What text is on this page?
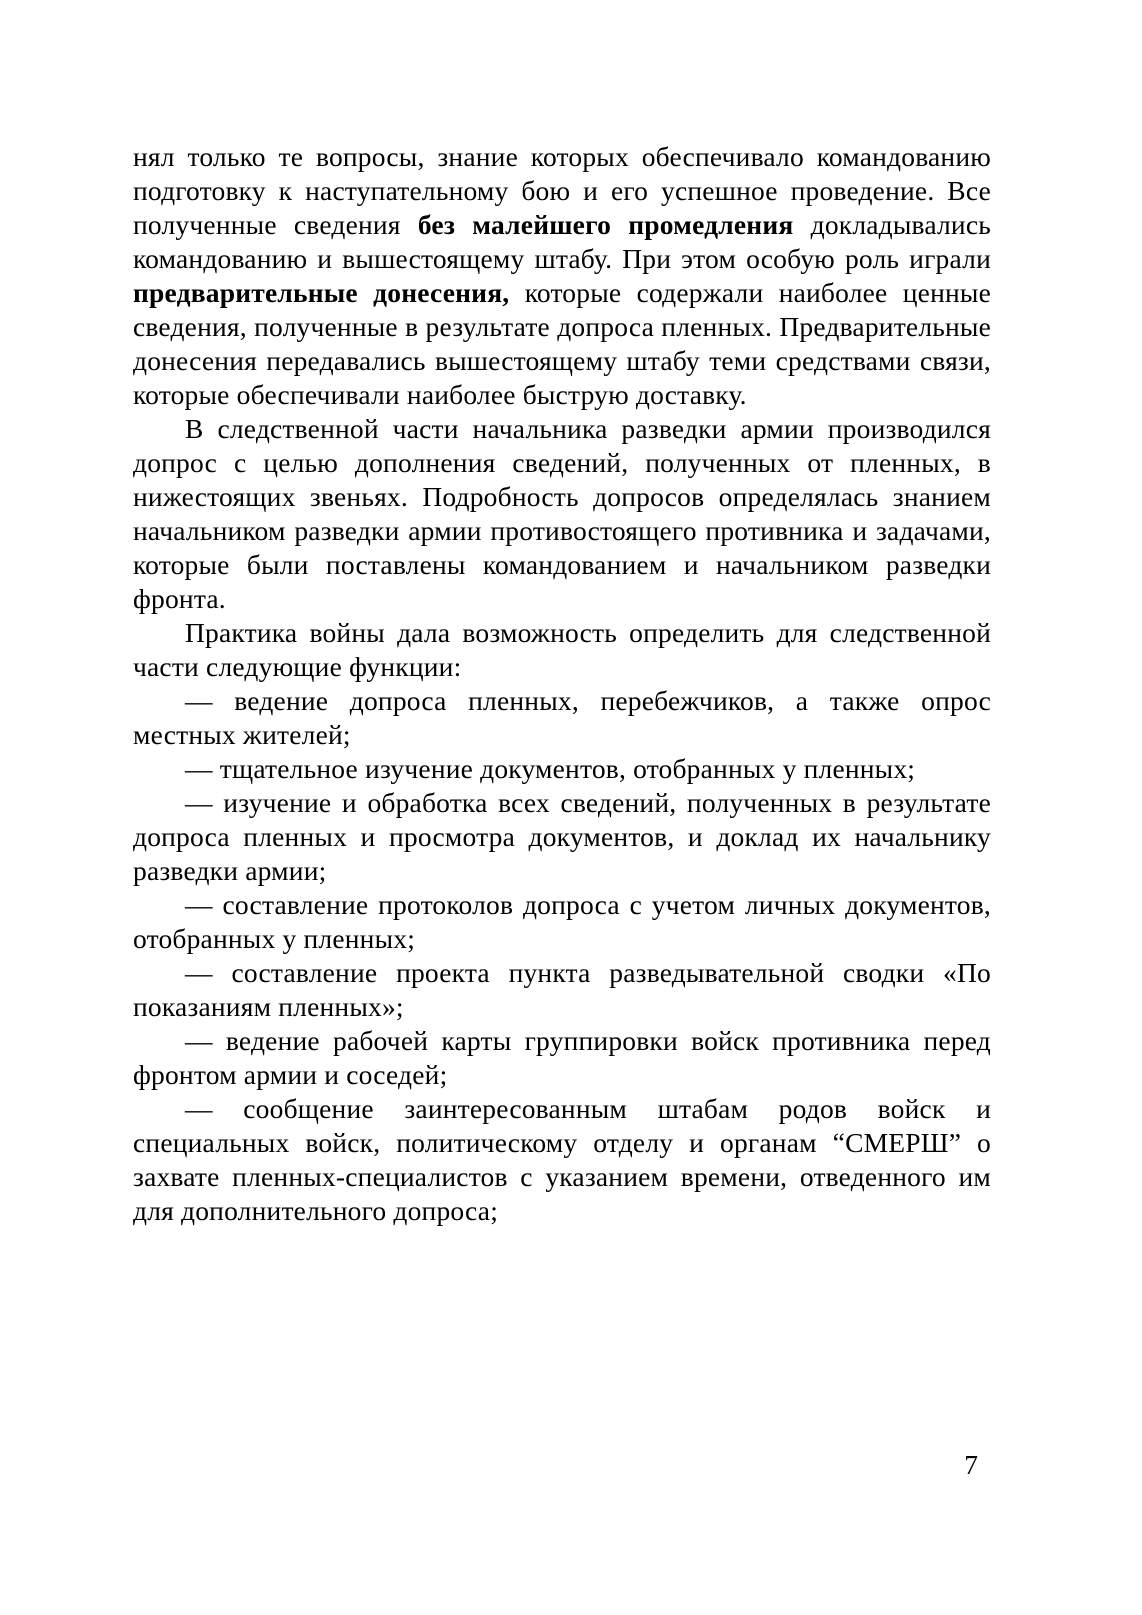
нял только те вопросы, знание которых обеспечивало командованию подготовку к наступательному бою и его успешное проведение. Все полученные сведения без малейшего промедления докладывались командованию и вышестоящему штабу. При этом особую роль играли предварительные донесения, которые содержали наиболее ценные сведения, полученные в результате допроса пленных. Предварительные донесения передавались вышестоящему штабу теми средствами связи, которые обеспечивали наиболее быструю доставку.

В следственной части начальника разведки армии производился допрос с целью дополнения сведений, полученных от пленных, в нижестоящих звеньях. Подробность допросов определялась знанием начальником разведки армии противостоящего противника и задачами, которые были поставлены командованием и начальником разведки фронта.

Практика войны дала возможность определить для следственной части следующие функции:

— ведение допроса пленных, перебежчиков, а также опрос местных жителей;

— тщательное изучение документов, отобранных у пленных;

— изучение и обработка всех сведений, полученных в результате допроса пленных и просмотра документов, и доклад их начальнику разведки армии;

— составление протоколов допроса с учетом личных документов, отобранных у пленных;

— составление проекта пункта разведывательной сводки «По показаниям пленных»;

— ведение рабочей карты группировки войск противника перед фронтом армии и соседей;

— сообщение заинтересованным штабам родов войск и специальных войск, политическому отделу и органам “СМЕРШ” о захвате пленных-специалистов с указанием времени, отведенного им для дополнительного допроса;

7
